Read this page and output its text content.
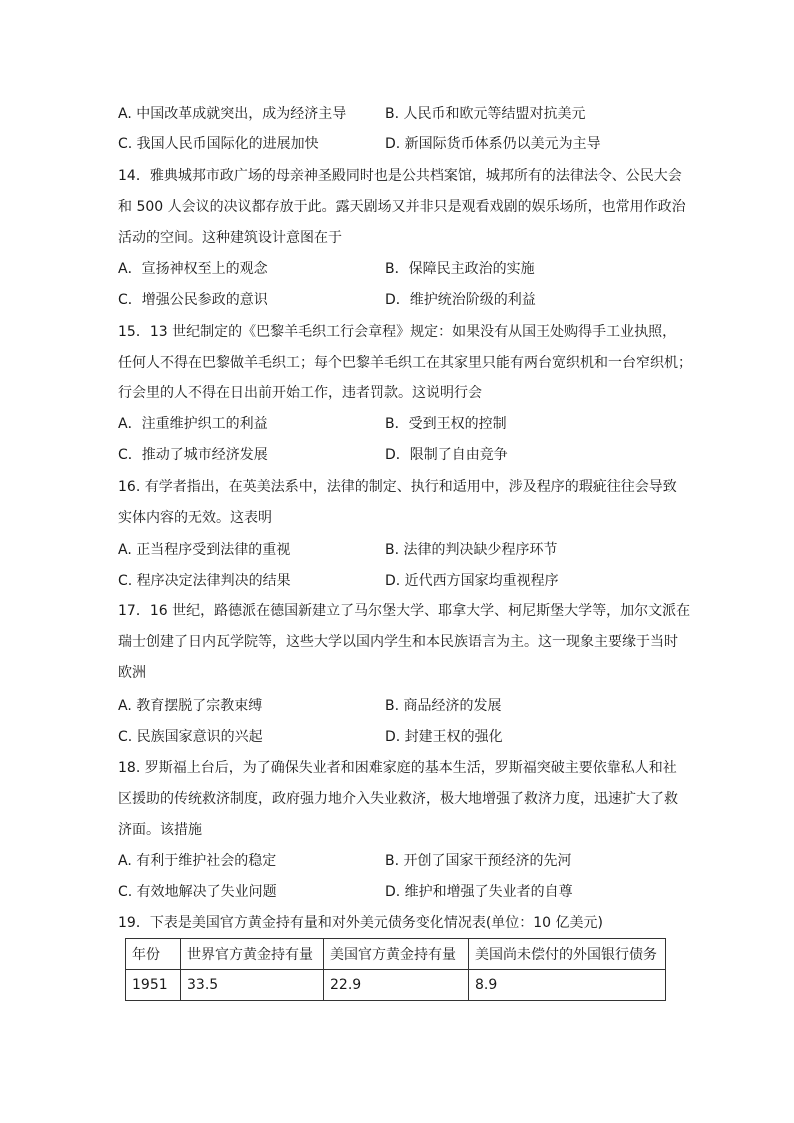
A. 中国改革成就突出，成为经济主导	B. 人民币和欧元等结盟对抗美元
C. 我国人民币国际化的进展加快	D. 新国际货币体系仍以美元为主导
14．雅典城邦市政广场的母亲神圣殿同时也是公共档案馆，城邦所有的法律法令、公民大会
和 500 人会议的决议都存放于此。露天剧场又并非只是观看戏剧的娱乐场所，也常用作政治
活动的空间。这种建筑设计意图在于
A．宣扬神权至上的观念	B．保障民主政治的实施
C．增强公民参政的意识	D．维护统治阶级的利益
15．13 世纪制定的《巴黎羊毛织工行会章程》规定：如果没有从国王处购得手工业执照，
任何人不得在巴黎做羊毛织工；每个巴黎羊毛织工在其家里只能有两台宽织机和一台窄织机；
行会里的人不得在日出前开始工作，违者罚款。这说明行会
A．注重维护织工的利益	B．受到王权的控制
C．推动了城市经济发展	D．限制了自由竞争
16. 有学者指出，在英美法系中，法律的制定、执行和适用中，涉及程序的瑕疵往往会导致
实体内容的无效。这表明
A. 正当程序受到法律的重视	B. 法律的判决缺少程序环节
C. 程序决定法律判决的结果	D. 近代西方国家均重视程序
17．16 世纪，路德派在德国新建立了马尔堡大学、耶拿大学、柯尼斯堡大学等，加尔文派在
瑞士创建了日内瓦学院等，这些大学以国内学生和本民族语言为主。这一现象主要缘于当时
欧洲
A. 教育摆脱了宗教束缚	B. 商品经济的发展
C. 民族国家意识的兴起	D. 封建王权的强化
18. 罗斯福上台后，为了确保失业者和困难家庭的基本生活，罗斯福突破主要依靠私人和社
区援助的传统救济制度，政府强力地介入失业救济，极大地增强了救济力度，迅速扩大了救
济面。该措施
A. 有利于维护社会的稳定	B. 开创了国家干预经济的先河
C. 有效地解决了失业问题	D. 维护和增强了失业者的自尊
19．下表是美国官方黄金持有量和对外美元债务变化情况表(单位：10 亿美元)
年份	世界官方黄金持有量	美国官方黄金持有量	美国尚未偿付的外国银行债务
1951	33.5	22.9	8.9
